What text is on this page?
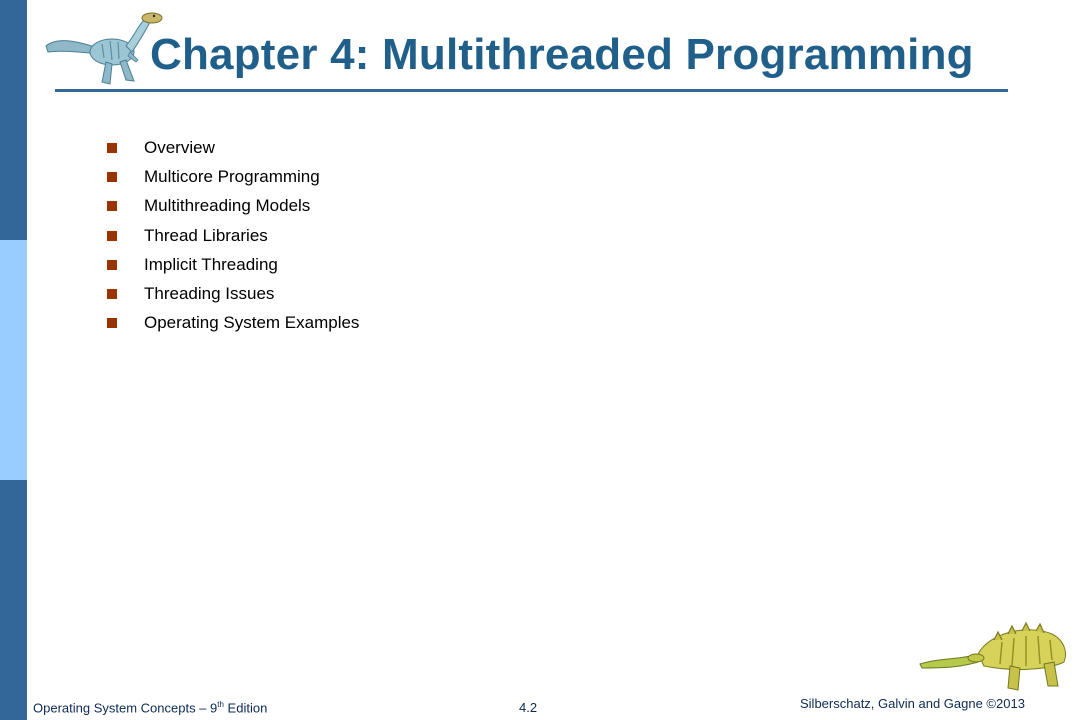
Chapter 4: Multithreaded Programming
Overview
Multicore Programming
Multithreading Models
Thread Libraries
Implicit Threading
Threading Issues
Operating System Examples
Operating System Concepts – 9th Edition	4.2	Silberschatz, Galvin and Gagne ©2013
